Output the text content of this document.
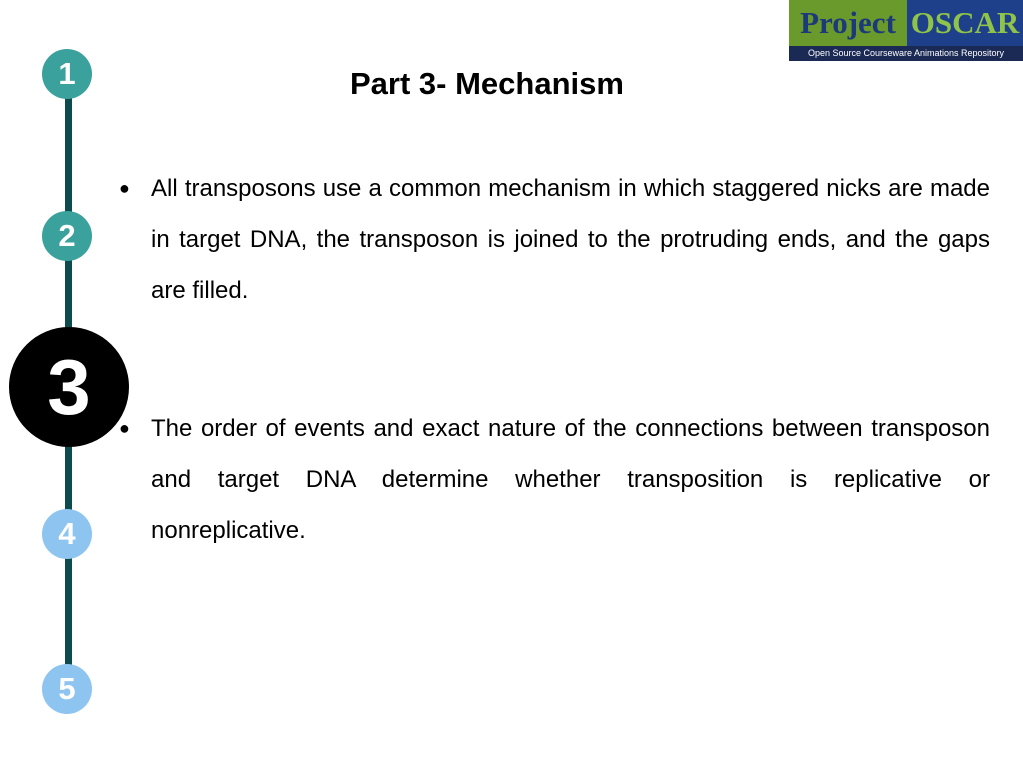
Project OSCAR
Open Source Courseware Animations Repository
1
2
3
4
5
Part 3- Mechanism
● All transposons use a common mechanism in which staggered nicks are made in target DNA, the transposon is joined to the protruding ends, and the gaps are filled.
● The order of events and exact nature of the connections between transposon and target DNA determine whether transposition is replicative or nonreplicative.
